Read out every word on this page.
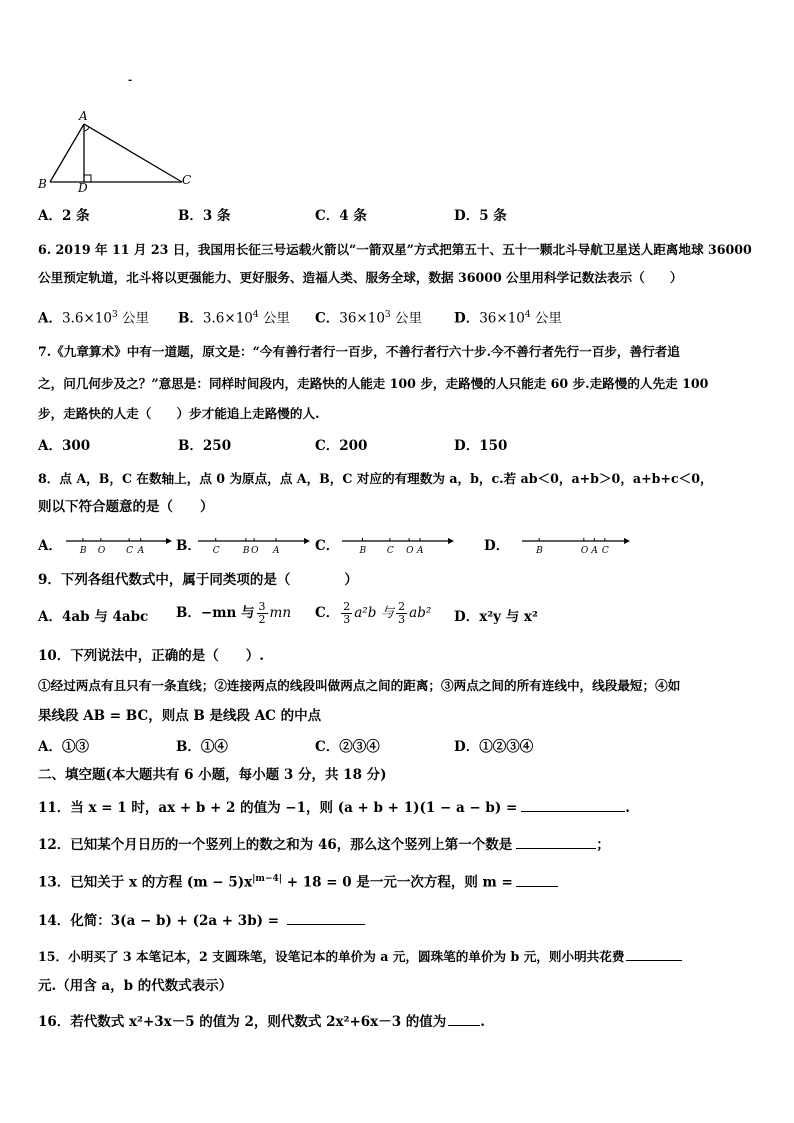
-
A
B	C
D
A．2 条	B．3 条	C．4 条	D．5 条
6. 2019 年 11 月 23 日，我国用长征三号运载火箭以“一箭双星”方式把第五十、五十一颗北斗导航卫星送人距离地球 36000
公里预定轨道，北斗将以更强能力、更好服务、造福人类、服务全球，数据 36000 公里用科学记数法表示（　　）
A．$3.6\times 10^3$ 公里 B．$3.6\times 10^4$ 公里 C．$36\times 10^3$ 公里 D．$36\times 10^4$ 公里
7.《九章算术》中有一道题，原文是：“今有善行者行一百步，不善行者行六十步.今不善行者先行一百步，善行者追
之，问几何步及之？”意思是：同样时间段内，走路快的人能走 100 步，走路慢的人只能走 60 步.走路慢的人先走 100
步，走路快的人走（　　）步才能追上走路慢的人.
A．300	B．250	C．200	D．150
8．点 A，B，C 在数轴上，点 0 为原点，点 A，B，C 对应的有理数为 a，b，c.若 ab＜0，a+b＞0，a+b+c＜0，
则以下符合题意的是（　　）
A． B O C A B． C	B O A	C． B C O A	D．	B	O A C
9．下列各组代数式中，属于同类项的是（　　　　）
A．4ab 与 4abc B．−mn 与 $\frac{3}{2}$ mn C． $\frac{2}{3} a^2b$ 与 $\frac{2}{3} ab^2$ D．x²y 与 x²
10．下列说法中，正确的是（　　）.
①经过两点有且只有一条直线；②连接两点的线段叫做两点之间的距离；③两点之间的所有连线中，线段最短；④如
果线段 AB = BC，则点 B 是线段 AC 的中点
A．①③	B．①④	C．②③④	D．①②③④
二、填空题(本大题共有 6 小题，每小题 3 分，共 18 分)
11．当 x = 1 时，ax + b + 2 的值为 −1，则 (a + b + 1)(1 − a − b) =	.
12．已知某个月日历的一个竖列上的数之和为 46，那么这个竖列上第一个数是	；
13．已知关于 x 的方程 $(m - 5)x^{|m-4|} + 18 = 0$ 是一元一次方程，则 m =
14．化简：3(a − b) + (2a + 3b) =
15．小明买了 3 本笔记本，2 支圆珠笔，设笔记本的单价为 a 元，圆珠笔的单价为 b 元，则小明共花费
元.（用含 a，b 的代数式表示）
16．若代数式 x²+3x－5 的值为 2，则代数式 2x²+6x－3 的值为	.
